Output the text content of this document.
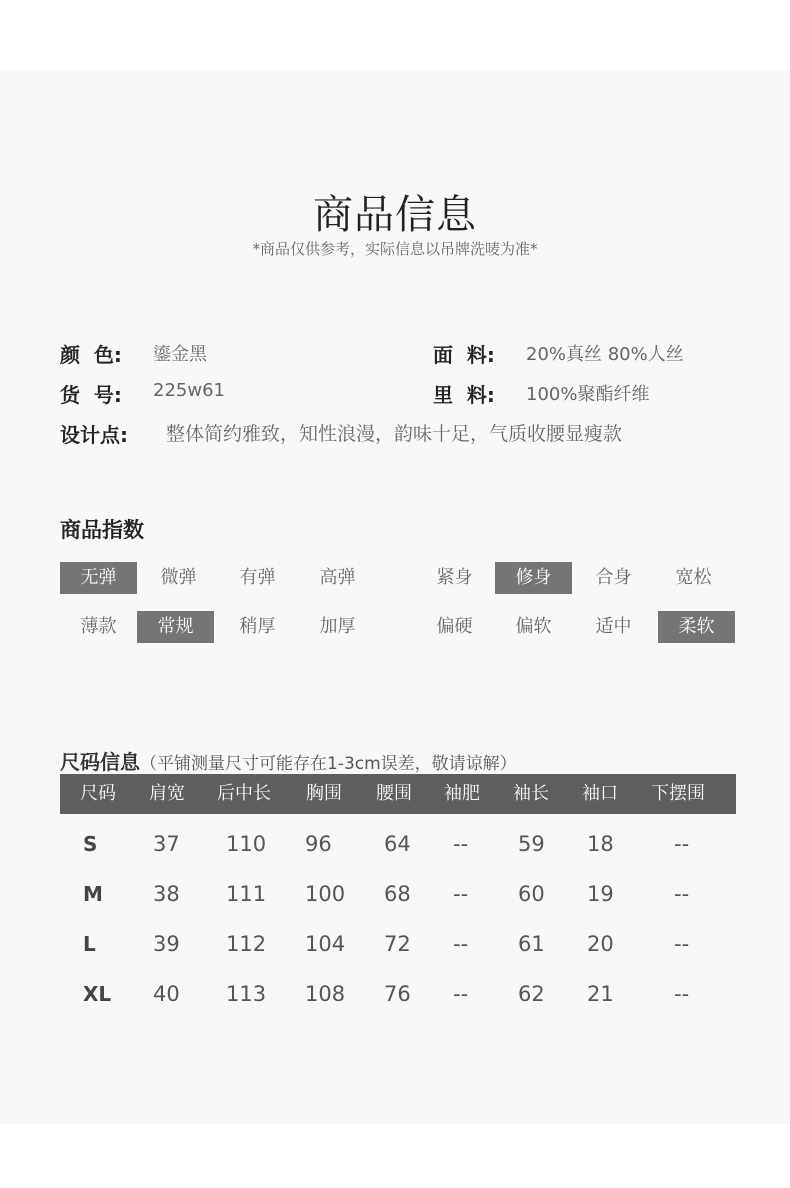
商品信息
*商品仅供参考，实际信息以吊牌洗唛为准*
颜  色: 鎏金黑	面  料: 20%真丝 80%人丝
货  号: 225w61	里  料: 100%聚酯纤维
设计点: 整体简约雅致，知性浪漫，韵味十足，气质收腰显瘦款
商品指数
无弹	微弹	有弹	高弹	紧身	修身	合身	宽松
薄款	常规	稍厚	加厚	偏硬	偏软	适中	柔软
尺码信息（平铺测量尺寸可能存在1-3cm误差，敬请谅解）
尺码 肩宽 后中长 胸围 腰围 袖肥 袖长 袖口 下摆围
S	37 110 96 64 -- 59 18	--
M 38 111 100 68 -- 60 19	--
L	39 112 104 72 -- 61 20	--
XL 40 113 108 76 -- 62 21	--
